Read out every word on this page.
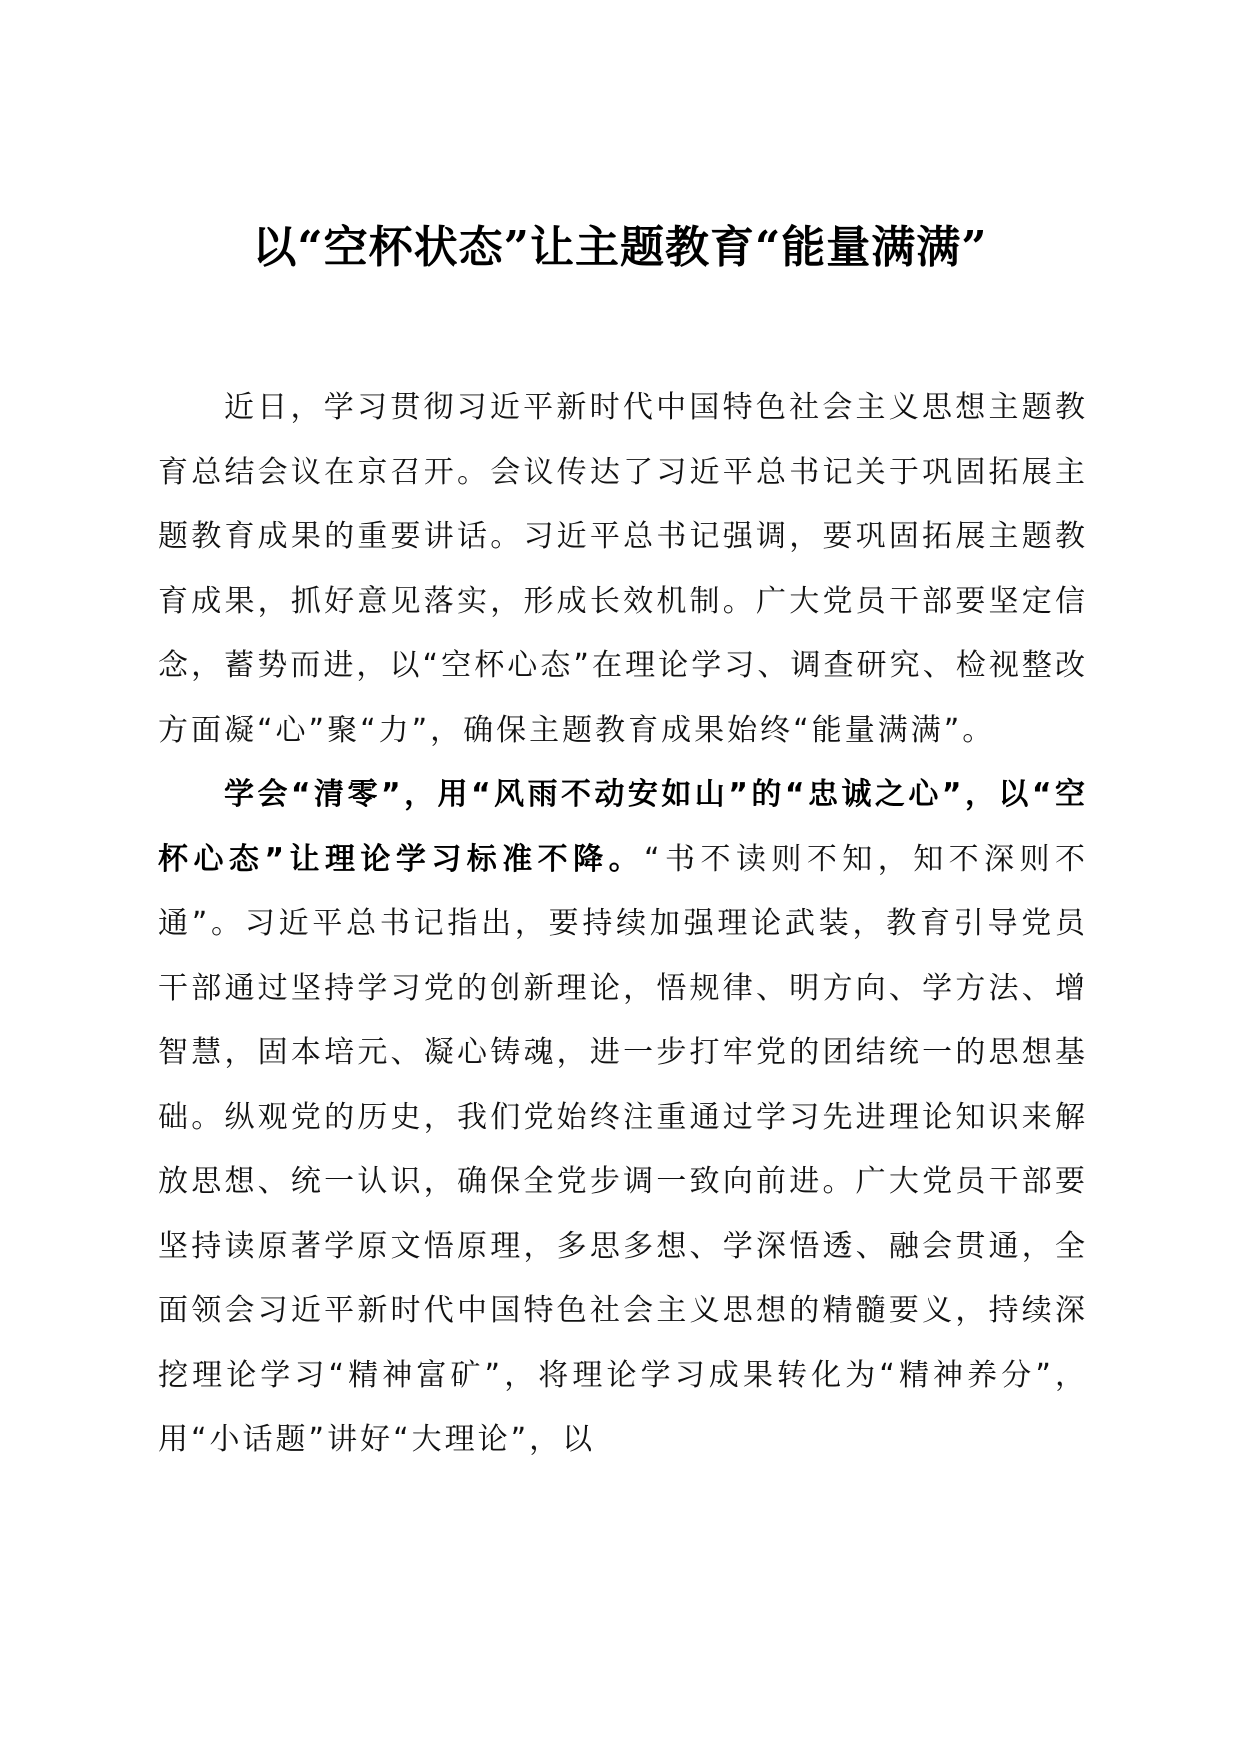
以“空杯状态”让主题教育“能量满满”

近日，学习贯彻习近平新时代中国特色社会主义思想主题教育总结会议在京召开。会议传达了习近平总书记关于巩固拓展主题教育成果的重要讲话。习近平总书记强调，要巩固拓展主题教育成果，抓好意见落实，形成长效机制。广大党员干部要坚定信念，蓄势而进，以“空杯心态”在理论学习、调查研究、检视整改方面凝“心”聚“力”，确保主题教育成果始终“能量满满”。

学会“清零”，用“风雨不动安如山”的“忠诚之心”，以“空杯心态”让理论学习标准不降。“书不读则不知，知不深则不通”。习近平总书记指出，要持续加强理论武装，教育引导党员干部通过坚持学习党的创新理论，悟规律、明方向、学方法、增智慧，固本培元、凝心铸魂，进一步打牢党的团结统一的思想基础。纵观党的历史，我们党始终注重通过学习先进理论知识来解放思想、统一认识，确保全党步调一致向前进。广大党员干部要坚持读原著学原文悟原理，多思多想、学深悟透、融会贯通，全面领会习近平新时代中国特色社会主义思想的精髓要义，持续深挖理论学习“精神富矿”，将理论学习成果转化为“精神养分”，用“小话题”讲好“大理论”，以
